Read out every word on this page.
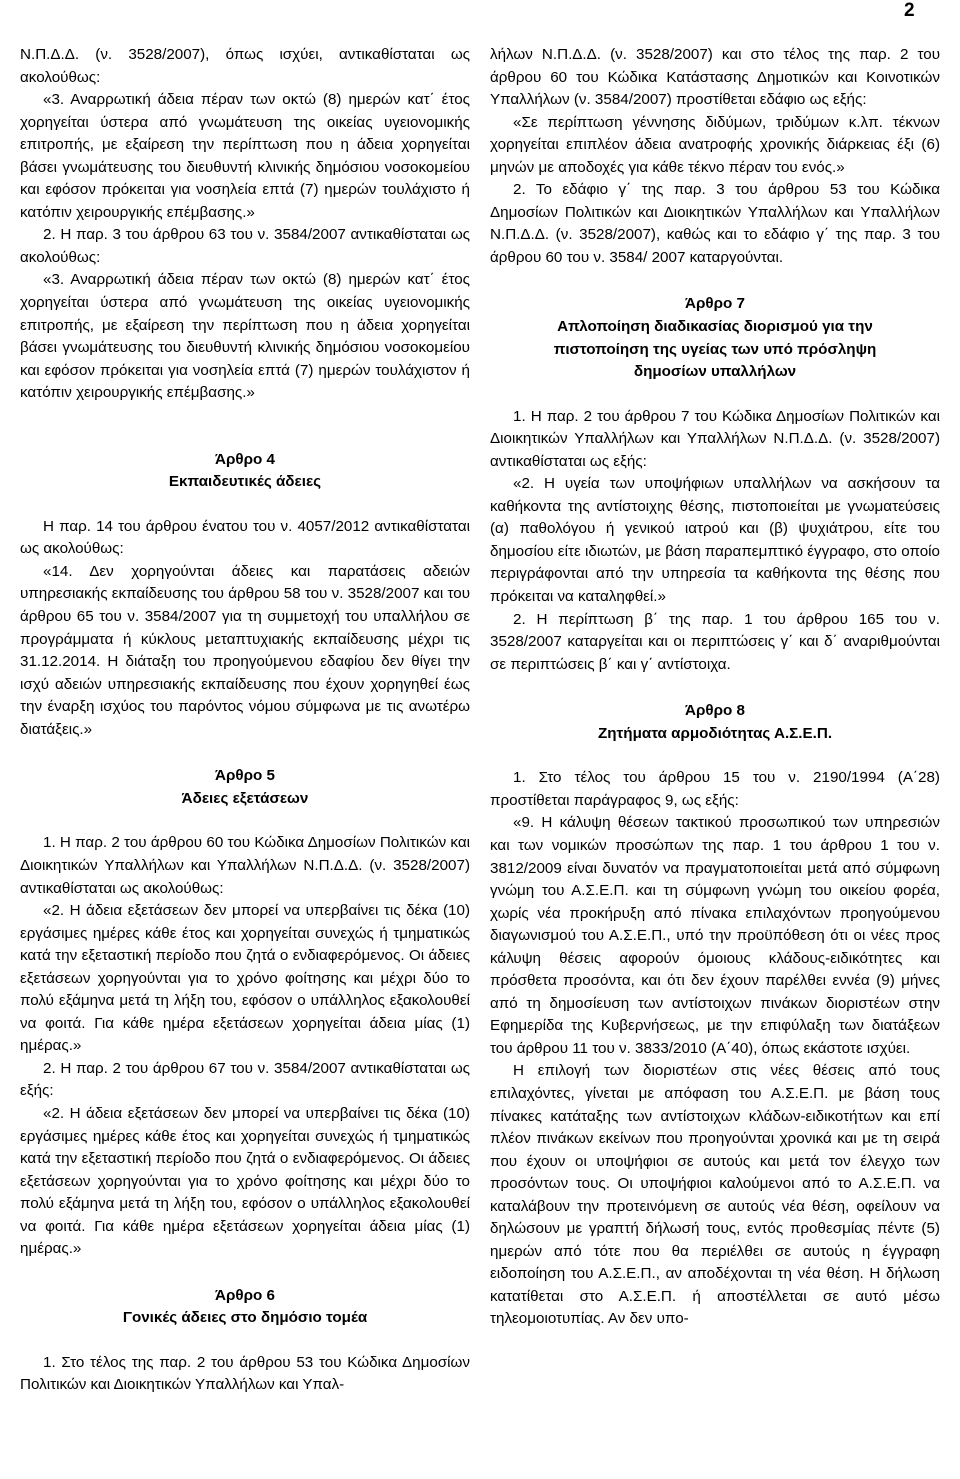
2

Ν.Π.Δ.Δ. (ν. 3528/2007), όπως ισχύει, αντικαθίσταται ως ακολούθως:

«3. Αναρρωτική άδεια πέραν των οκτώ (8) ημερών κατ΄ έτος χορηγείται ύστερα από γνωμάτευση της οικείας υγειονομικής επιτροπής, με εξαίρεση την περίπτωση που η άδεια χορηγείται βάσει γνωμάτευσης του διευθυντή κλινικής δημόσιου νοσοκομείου και εφόσον πρόκειται για νοσηλεία επτά (7) ημερών τουλάχιστο ή κατόπιν χειρουργικής επέμβασης.»

2. Η παρ. 3 του άρθρου 63 του ν. 3584/2007 αντικαθίσταται ως ακολούθως:

«3. Αναρρωτική άδεια πέραν των οκτώ (8) ημερών κατ΄ έτος χορηγείται ύστερα από γνωμάτευση της οικείας υγειονομικής επιτροπής, με εξαίρεση την περίπτωση που η άδεια χορηγείται βάσει γνωμάτευσης του διευθυντή κλινικής δημόσιου νοσοκομείου και εφόσον πρόκειται για νοσηλεία επτά (7) ημερών τουλάχιστον ή κατόπιν χειρουργικής επέμβασης.»

Άρθρο 4
Εκπαιδευτικές άδειες

Η παρ. 14 του άρθρου ένατου του ν. 4057/2012 αντικαθίσταται ως ακολούθως:

«14. Δεν χορηγούνται άδειες και παρατάσεις αδειών υπηρεσιακής εκπαίδευσης του άρθρου 58 του ν. 3528/2007 και του άρθρου 65 του ν. 3584/2007 για τη συμμετοχή του υπαλλήλου σε προγράμματα ή κύκλους μεταπτυχιακής εκπαίδευσης μέχρι τις 31.12.2014. Η διάταξη του προηγούμενου εδαφίου δεν θίγει την ισχύ αδειών υπηρεσιακής εκπαίδευσης που έχουν χορηγηθεί έως την έναρξη ισχύος του παρόντος νόμου σύμφωνα με τις ανωτέρω διατάξεις.»

Άρθρο 5
Άδειες εξετάσεων

1. Η παρ. 2 του άρθρου 60 του Κώδικα Δημοσίων Πολιτικών και Διοικητικών Υπαλλήλων και Υπαλλήλων Ν.Π.Δ.Δ. (ν. 3528/2007) αντικαθίσταται ως ακολούθως:

«2. Η άδεια εξετάσεων δεν μπορεί να υπερβαίνει τις δέκα (10) εργάσιμες ημέρες κάθε έτος και χορηγείται συνεχώς ή τμηματικώς κατά την εξεταστική περίοδο που ζητά ο ενδιαφερόμενος. Οι άδειες εξετάσεων χορηγούνται για το χρόνο φοίτησης και μέχρι δύο το πολύ εξάμηνα μετά τη λήξη του, εφόσον ο υπάλληλος εξακολουθεί να φοιτά. Για κάθε ημέρα εξετάσεων χορηγείται άδεια μίας (1) ημέρας.»

2. Η παρ. 2 του άρθρου 67 του ν. 3584/2007 αντικαθίσταται ως εξής:

«2. Η άδεια εξετάσεων δεν μπορεί να υπερβαίνει τις δέκα (10) εργάσιμες ημέρες κάθε έτος και χορηγείται συνεχώς ή τμηματικώς κατά την εξεταστική περίοδο που ζητά ο ενδιαφερόμενος. Οι άδειες εξετάσεων χορηγούνται για το χρόνο φοίτησης και μέχρι δύο το πολύ εξάμηνα μετά τη λήξη του, εφόσον ο υπάλληλος εξακολουθεί να φοιτά. Για κάθε ημέρα εξετάσεων χορηγείται άδεια μίας (1) ημέρας.»

Άρθρο 6
Γονικές άδειες στο δημόσιο τομέα

1. Στο τέλος της παρ. 2 του άρθρου 53 του Κώδικα Δημοσίων Πολιτικών και Διοικητικών Υπαλλήλων και Υπαλ-

λήλων Ν.Π.Δ.Δ. (ν. 3528/2007) και στο τέλος της παρ. 2 του άρθρου 60 του Κώδικα Κατάστασης Δημοτικών και Κοινοτικών Υπαλλήλων (ν. 3584/2007) προστίθεται εδάφιο ως εξής:

«Σε περίπτωση γέννησης διδύμων, τριδύμων κ.λπ. τέκνων χορηγείται επιπλέον άδεια ανατροφής χρονικής διάρκειας έξι (6) μηνών με αποδοχές για κάθε τέκνο πέραν του ενός.»

2. Το εδάφιο γ΄ της παρ. 3 του άρθρου 53 του Κώδικα Δημοσίων Πολιτικών και Διοικητικών Υπαλλήλων και Υπαλλήλων Ν.Π.Δ.Δ. (ν. 3528/2007), καθώς και το εδάφιο γ΄ της παρ. 3 του άρθρου 60 του ν. 3584/ 2007 καταργούνται.

Άρθρο 7
Απλοποίηση διαδικασίας διορισμού για την πιστοποίηση της υγείας των υπό πρόσληψη δημοσίων υπαλλήλων

1. Η παρ. 2 του άρθρου 7 του Κώδικα Δημοσίων Πολιτικών και Διοικητικών Υπαλλήλων και Υπαλλήλων Ν.Π.Δ.Δ. (ν. 3528/2007) αντικαθίσταται ως εξής:

«2. Η υγεία των υποψήφιων υπαλλήλων να ασκήσουν τα καθήκοντα της αντίστοιχης θέσης, πιστοποιείται με γνωματεύσεις (α) παθολόγου ή γενικού ιατρού και (β) ψυχιάτρου, είτε του δημοσίου είτε ιδιωτών, με βάση παραπεμπτικό έγγραφο, στο οποίο περιγράφονται από την υπηρεσία τα καθήκοντα της θέσης που πρόκειται να καταληφθεί.»

2. Η περίπτωση β΄ της παρ. 1 του άρθρου 165 του ν. 3528/2007 καταργείται και οι περιπτώσεις γ΄ και δ΄ αναριθμούνται σε περιπτώσεις β΄ και γ΄ αντίστοιχα.

Άρθρο 8
Ζητήματα αρμοδιότητας Α.Σ.Ε.Π.

1. Στο τέλος του άρθρου 15 του ν. 2190/1994 (Α΄28) προστίθεται παράγραφος 9, ως εξής:

«9. Η κάλυψη θέσεων τακτικού προσωπικού των υπηρεσιών και των νομικών προσώπων της παρ. 1 του άρθρου 1 του ν. 3812/2009 είναι δυνατόν να πραγματοποιείται μετά από σύμφωνη γνώμη του Α.Σ.Ε.Π. και τη σύμφωνη γνώμη του οικείου φορέα, χωρίς νέα προκήρυξη από πίνακα επιλαχόντων προηγούμενου διαγωνισμού του Α.Σ.Ε.Π., υπό την προϋπόθεση ότι οι νέες προς κάλυψη θέσεις αφορούν όμοιους κλάδους-ειδικότητες και πρόσθετα προσόντα, και ότι δεν έχουν παρέλθει εννέα (9) μήνες από τη δημοσίευση των αντίστοιχων πινάκων διοριστέων στην Εφημερίδα της Κυβερνήσεως, με την επιφύλαξη των διατάξεων του άρθρου 11 του ν. 3833/2010 (Α΄40), όπως εκάστοτε ισχύει.

Η επιλογή των διοριστέων στις νέες θέσεις από τους επιλαχόντες, γίνεται με απόφαση του Α.Σ.Ε.Π. με βάση τους πίνακες κατάταξης των αντίστοιχων κλάδων-ειδικοτήτων και επί πλέον πινάκων εκείνων που προηγούνται χρονικά και με τη σειρά που έχουν οι υποψήφιοι σε αυτούς και μετά τον έλεγχο των προσόντων τους. Οι υποψήφιοι καλούμενοι από το Α.Σ.Ε.Π. να καταλάβουν την προτεινόμενη σε αυτούς νέα θέση, οφείλουν να δηλώσουν με γραπτή δήλωσή τους, εντός προθεσμίας πέντε (5) ημερών από τότε που θα περιέλθει σε αυτούς η έγγραφη ειδοποίηση του Α.Σ.Ε.Π., αν αποδέχονται τη νέα θέση. Η δήλωση κατατίθεται στο Α.Σ.Ε.Π. ή αποστέλλεται σε αυτό μέσω τηλεομοιοτυπίας. Αν δεν υπο-
